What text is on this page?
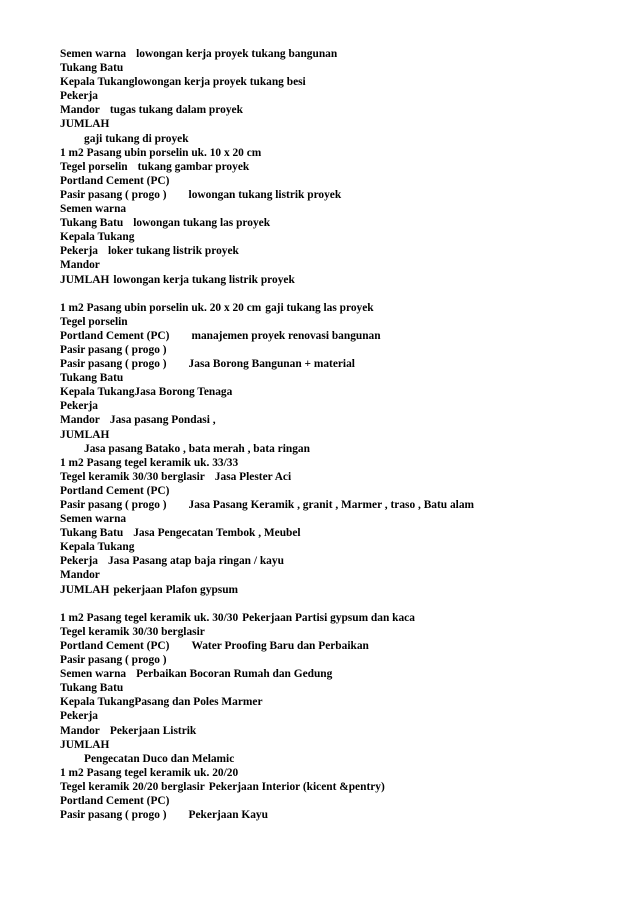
Semen warna lowongan kerja proyek tukang bangunan
Tukang Batu
Kepala Tukanglowongan kerja proyek tukang besi
Pekerja
Mandor tugas tukang dalam proyek
JUMLAH
gaji tukang di proyek
1 m2 Pasang ubin porselin uk. 10 x 20 cm
Tegel porselin tukang gambar proyek
Portland Cement (PC)
Pasir pasang ( progo ) lowongan tukang listrik proyek
Semen warna
Tukang Batu lowongan tukang las proyek
Kepala Tukang
Pekerja loker tukang listrik proyek
Mandor
JUMLAH lowongan kerja tukang listrik proyek
1 m2 Pasang ubin porselin uk. 20 x 20 cm gaji tukang las proyek
Tegel porselin
Portland Cement (PC) manajemen proyek renovasi bangunan
Pasir pasang ( progo )
Pasir pasang ( progo ) Jasa Borong Bangunan + material
Tukang Batu
Kepala TukangJasa Borong Tenaga
Pekerja
Mandor Jasa pasang Pondasi ,
JUMLAH
Jasa pasang Batako , bata merah , bata ringan
1 m2 Pasang tegel keramik uk. 33/33
Tegel keramik 30/30 berglasir Jasa Plester Aci
Portland Cement (PC)
Pasir pasang ( progo ) Jasa Pasang Keramik , granit , Marmer , traso , Batu alam
Semen warna
Tukang Batu Jasa Pengecatan Tembok , Meubel
Kepala Tukang
Pekerja Jasa Pasang atap baja ringan / kayu
Mandor
JUMLAH pekerjaan Plafon gypsum
1 m2 Pasang tegel keramik uk. 30/30 Pekerjaan Partisi gypsum dan kaca
Tegel keramik 30/30 berglasir
Portland Cement (PC) Water Proofing Baru dan Perbaikan
Pasir pasang ( progo )
Semen warna Perbaikan Bocoran Rumah dan Gedung
Tukang Batu
Kepala TukangPasang dan Poles Marmer
Pekerja
Mandor Pekerjaan Listrik
JUMLAH
Pengecatan Duco dan Melamic
1 m2 Pasang tegel keramik uk. 20/20
Tegel keramik 20/20 berglasir Pekerjaan Interior (kicent &pentry)
Portland Cement (PC)
Pasir pasang ( progo ) Pekerjaan Kayu
